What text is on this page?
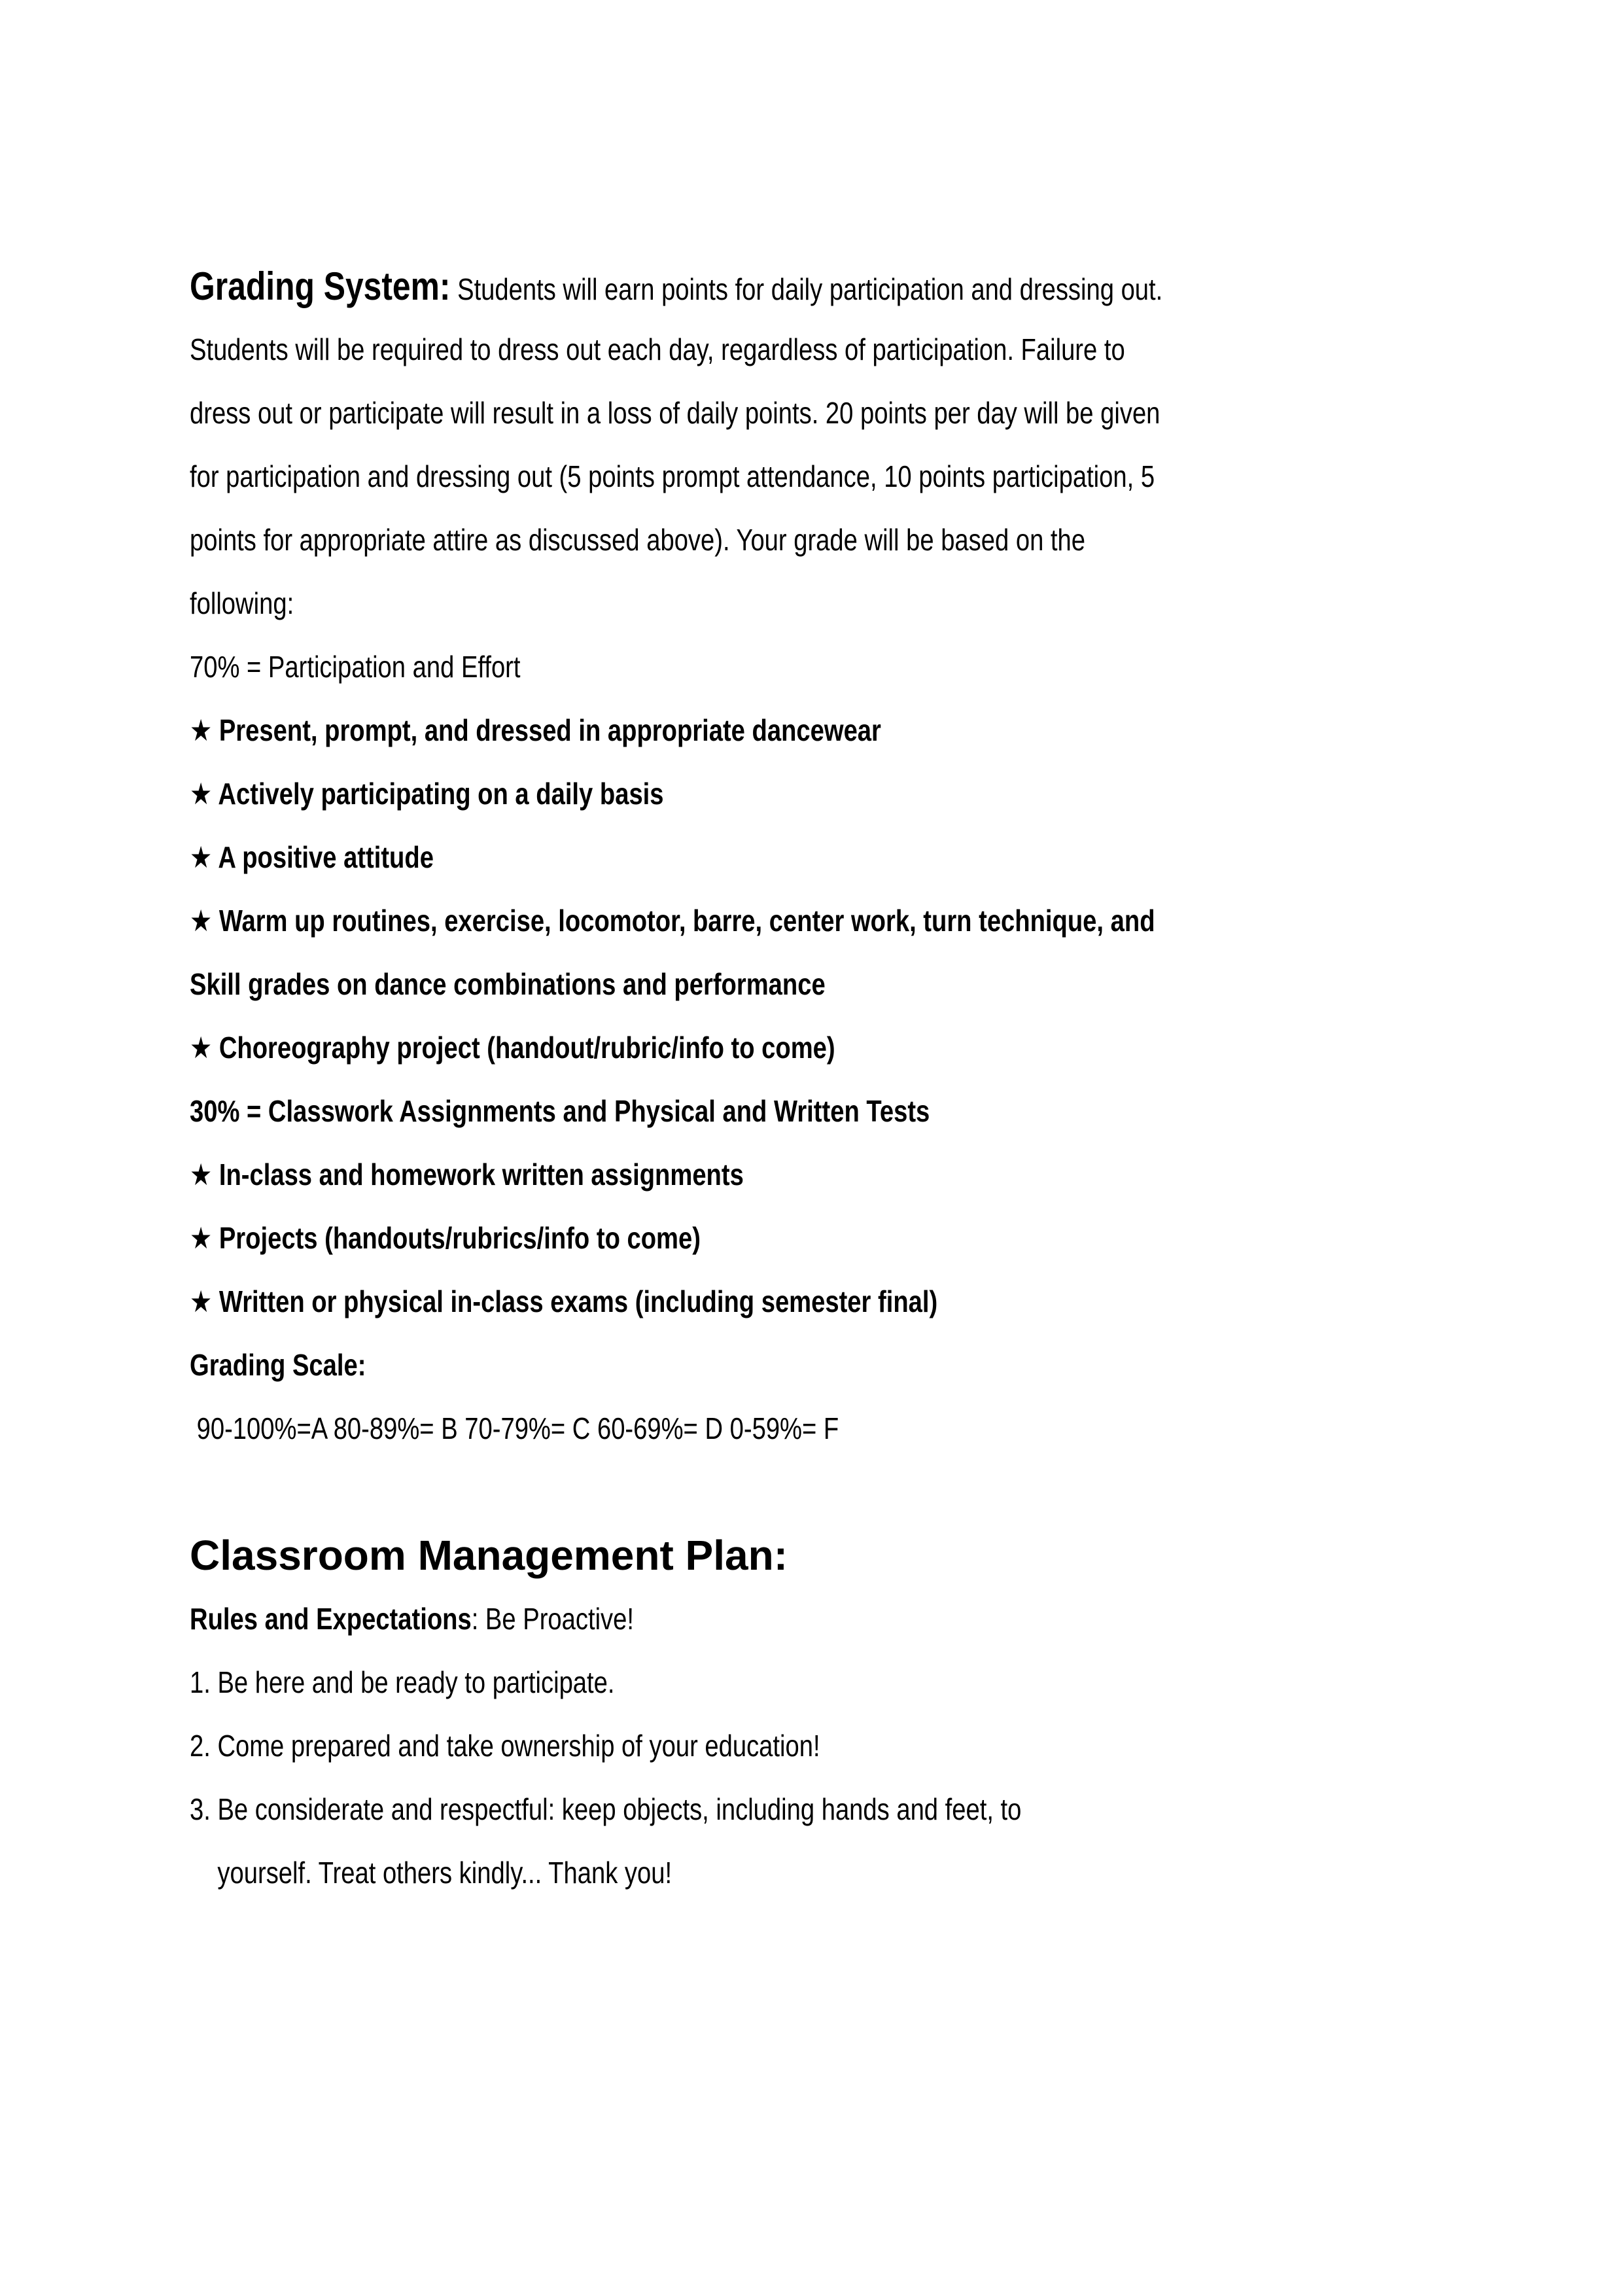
Grading System: Students will earn points for daily participation and dressing out.
Students will be required to dress out each day, regardless of participation. Failure to
dress out or participate will result in a loss of daily points. 20 points per day will be given
for participation and dressing out (5 points prompt attendance, 10 points participation, 5
points for appropriate attire as discussed above). Your grade will be based on the
following:
70% = Participation and Effort
★ Present, prompt, and dressed in appropriate dancewear
★ Actively participating on a daily basis
★ A positive attitude
★ Warm up routines, exercise, locomotor, barre, center work, turn technique, and
Skill grades on dance combinations and performance
★ Choreography project (handout/rubric/info to come)
30% = Classwork Assignments and Physical and Written Tests
★ In-class and homework written assignments
★ Projects (handouts/rubrics/info to come)
★ Written or physical in-class exams (including semester final)
Grading Scale:
90-100%=A 80-89%= B 70-79%= C 60-69%= D 0-59%= F
Classroom Management Plan:
Rules and Expectations: Be Proactive!
1. Be here and be ready to participate.
2. Come prepared and take ownership of your education!
3. Be considerate and respectful: keep objects, including hands and feet, to
yourself. Treat others kindly... Thank you!
